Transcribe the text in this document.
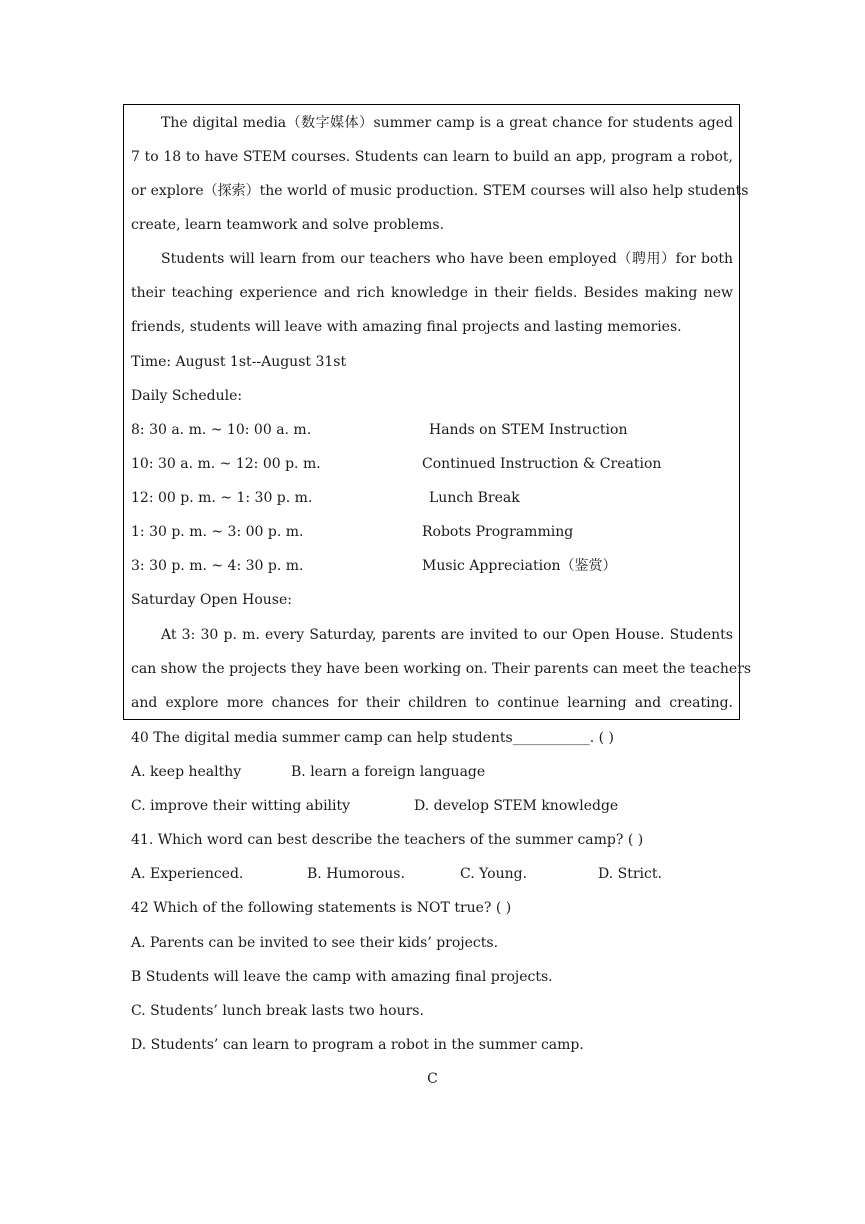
The digital media（数字媒体）summer camp is a great chance for students aged
7 to 18 to have STEM courses. Students can learn to build an app, program a robot,
or explore（探索）the world of music production. STEM courses will also help students
create, learn teamwork and solve problems.
Students will learn from our teachers who have been employed（聘用）for both
their teaching experience and rich knowledge in their fields. Besides making new
friends, students will leave with amazing final projects and lasting memories.
Time: August 1st--August 31st
Daily Schedule:
8: 30 a. m. ~ 10: 00 a. m.	Hands on STEM Instruction
10: 30 a. m. ~ 12: 00 p. m.	Continued Instruction & Creation
12: 00 p. m. ~ 1: 30 p. m.	Lunch Break
1: 30 p. m. ~ 3: 00 p. m.	Robots Programming
3: 30 p. m. ~ 4: 30 p. m.	Music Appreciation（鉴赏）
Saturday Open House:
At 3: 30 p. m. every Saturday, parents are invited to our Open House. Students
can show the projects they have been working on. Their parents can meet the teachers
and explore more chances for their children to continue learning and creating.
40 The digital media summer camp can help students___________. ( )
A. keep healthy	B. learn a foreign language
C. improve their witting ability	D. develop STEM knowledge
41. Which word can best describe the teachers of the summer camp? ( )
A. Experienced.	B. Humorous.	C. Young.	D. Strict.
42 Which of the following statements is NOT true? ( )
A. Parents can be invited to see their kids’ projects.
B Students will leave the camp with amazing final projects.
C. Students’ lunch break lasts two hours.
D. Students’ can learn to program a robot in the summer camp.
C
